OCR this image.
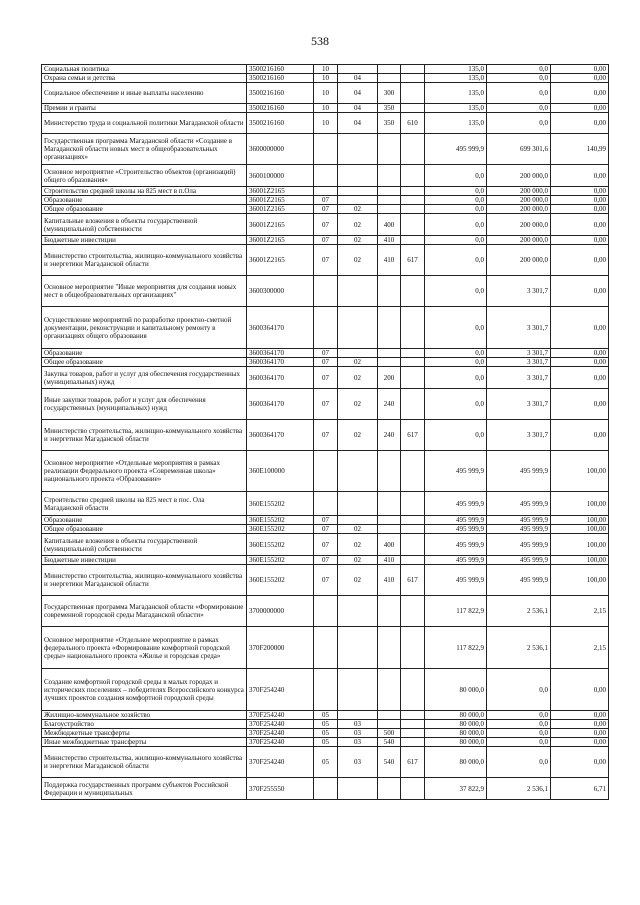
538
Социальная политика	3500216160	10				135,0	0,0	0,00
Охрана семьи и детства	3500216160	10	04			135,0	0,0	0,00
Социальное обеспечение и иные выплаты населению	3500216160	10	04	300		135,0	0,0	0,00
Премии и гранты	3500216160	10	04	350		135,0	0,0	0,00
Министерство труда и социальной политики Магаданской области	3500216160	10	04	350	610	135,0	0,0	0,00
Государственная программа Магаданской области «Создание в Магаданской области новых мест в общеобразовательных организациях»	3600000000					495 999,9	699 301,6	140,99
Основное мероприятие «Строительство объектов (организаций) общего образования»	3600100000					0,0	200 000,0	0,00
Строительство средней школы на 825 мест в п.Ола	36001Z2165					0,0	200 000,0	0,00
Образование	36001Z2165	07				0,0	200 000,0	0,00
Общее образование	36001Z2165	07	02			0,0	200 000,0	0,00
Капитальные вложения в объекты государственной (муниципальной) собственности	36001Z2165	07	02	400		0,0	200 000,0	0,00
Бюджетные инвестиции	36001Z2165	07	02	410		0,0	200 000,0	0,00
Министерство строительства, жилищно-коммунального хозяйства и энергетики Магаданской области	36001Z2165	07	02	410	617	0,0	200 000,0	0,00
Основное мероприятие "Иные мероприятия для создания новых мест в общеобразовательных организациях"	3600300000					0,0	3 301,7	0,00
Осуществление мероприятий по разработке проектно-сметной документации, реконструкции и капитальному ремонту в организациях общего образования	3600364170					0,0	3 301,7	0,00
Образование	3600364170	07				0,0	3 301,7	0,00
Общее образование	3600364170	07	02			0,0	3 301,7	0,00
Закупка товаров, работ и услуг для обеспечения государственных (муниципальных) нужд	3600364170	07	02	200		0,0	3 301,7	0,00
Иные закупки товаров, работ и услуг для обеспечения государственных (муниципальных) нужд	3600364170	07	02	240		0,0	3 301,7	0,00
Министерство строительства, жилищно-коммунального хозяйства и энергетики Магаданской области	3600364170	07	02	240	617	0,0	3 301,7	0,00
Основное мероприятие «Отдельные мероприятия в рамках реализации Федерального проекта «Современная школа» национального проекта «Образование»	360E100000					495 999,9	495 999,9	100,00
Строительство средней школы на 825 мест в пос. Ола Магаданской области	360E155202					495 999,9	495 999,9	100,00
Образование	360E155202	07				495 999,9	495 999,9	100,00
Общее образование	360E155202	07	02			495 999,9	495 999,9	100,00
Капитальные вложения в объекты государственной (муниципальной) собственности	360E155202	07	02	400		495 999,9	495 999,9	100,00
Бюджетные инвестиции	360E155202	07	02	410		495 999,9	495 999,9	100,00
Министерство строительства, жилищно-коммунального хозяйства и энергетики Магаданской области	360E155202	07	02	410	617	495 999,9	495 999,9	100,00
Государственная программа Магаданской области «Формирование современной городской среды Магаданской области»	3700000000					117 822,9	2 536,1	2,15
Основное мероприятие «Отдельное мероприятие в рамках федерального проекта «Формирование комфортной городской среды» национального проекта «Жилье и городская среда»	370F200000					117 822,9	2 536,1	2,15
Создание комфортной городской среды в малых городах и исторических поселениях – победителях Всероссийского конкурса лучших проектов создания комфортной городской среды	370F254240					80 000,0	0,0	0,00
Жилищно-коммунальное хозяйство	370F254240	05				80 000,0	0,0	0,00
Благоустройство	370F254240	05	03			80 000,0	0,0	0,00
Межбюджетные трансферты	370F254240	05	03	500		80 000,0	0,0	0,00
Иные межбюджетные трансферты	370F254240	05	03	540		80 000,0	0,0	0,00
Министерство строительства, жилищно-коммунального хозяйства и энергетики Магаданской области	370F254240	05	03	540	617	80 000,0	0,0	0,00
Поддержка государственных программ субъектов Российской Федерации и муниципальных	370F255550					37 822,9	2 536,1	6,71
